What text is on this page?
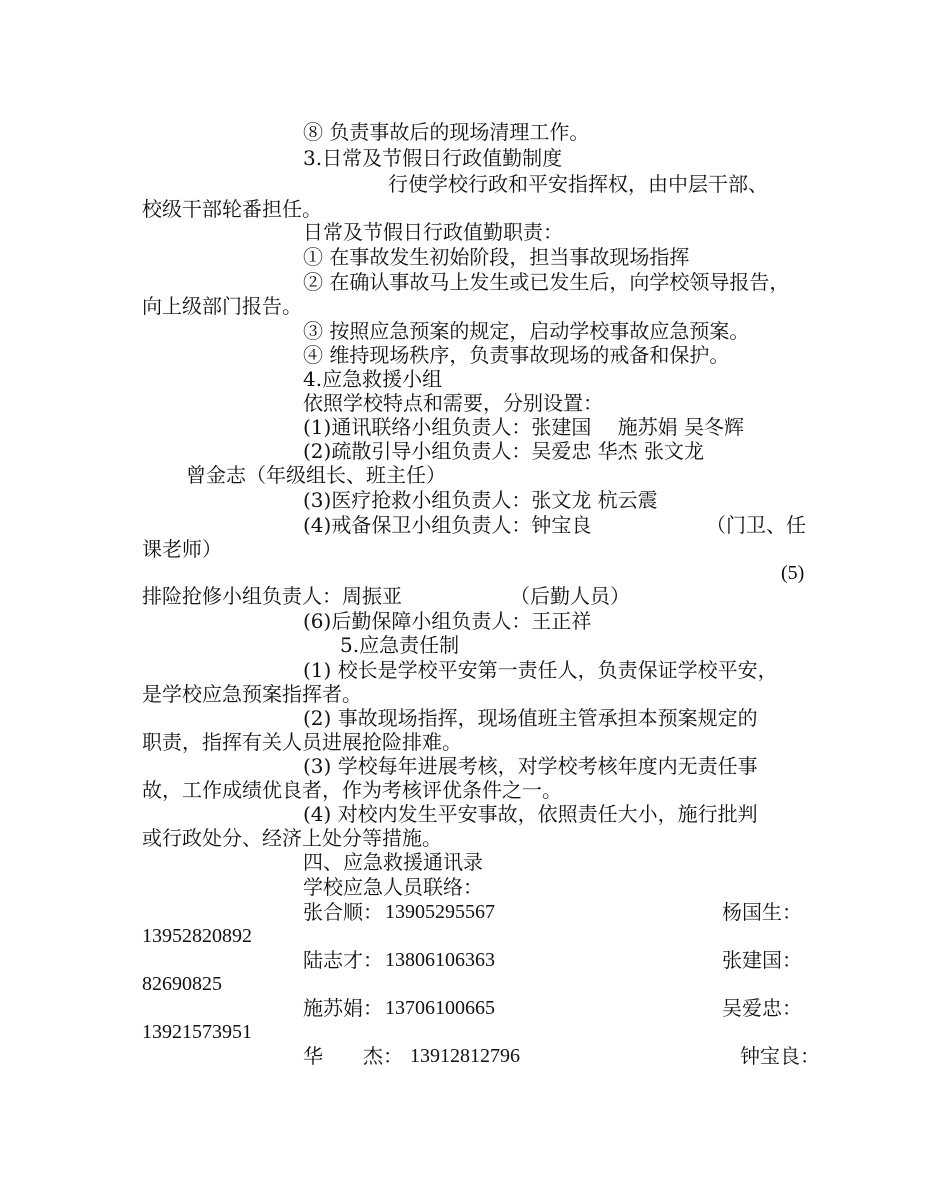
⑧ 负责事故后的现场清理工作。
3.日常及节假日行政值勤制度
行使学校行政和平安指挥权，由中层干部、
校级干部轮番担任。
日常及节假日行政值勤职责：
① 在事故发生初始阶段，担当事故现场指挥
② 在确认事故马上发生或已发生后，向学校领导报告，
向上级部门报告。
③ 按照应急预案的规定，启动学校事故应急预案。
④ 维持现场秩序，负责事故现场的戒备和保护。
4.应急救援小组
依照学校特点和需要，分别设置：
(1)通讯联络小组负责人：张建国　 施苏娟 吴冬辉
(2)疏散引导小组负责人：吴爱忠 华杰 张文龙
曾金志（年级组长、班主任）
(3)医疗抢救小组负责人：张文龙 杭云震
(4)戒备保卫小组负责人：钟宝良	（门卫、任
课老师）
(5)
排险抢修小组负责人：周振亚	（后勤人员）
(6)后勤保障小组负责人：王正祥
5.应急责任制
(1) 校长是学校平安第一责任人，负责保证学校平安，
是学校应急预案指挥者。
(2) 事故现场指挥，现场值班主管承担本预案规定的
职责，指挥有关人员进展抢险排难。
(3) 学校每年进展考核，对学校考核年度内无责任事
故，工作成绩优良者，作为考核评优条件之一。
(4) 对校内发生平安事故，依照责任大小，施行批判
或行政处分、经济上处分等措施。
四、应急救援通讯录
学校应急人员联络：
张合顺： 13905295567	杨国生：
13952820892
陆志才： 13806106363	张建国：
82690825
施苏娟： 13706100665	吴爱忠：
13921573951
华　　杰： 13912812796	钟宝良：
